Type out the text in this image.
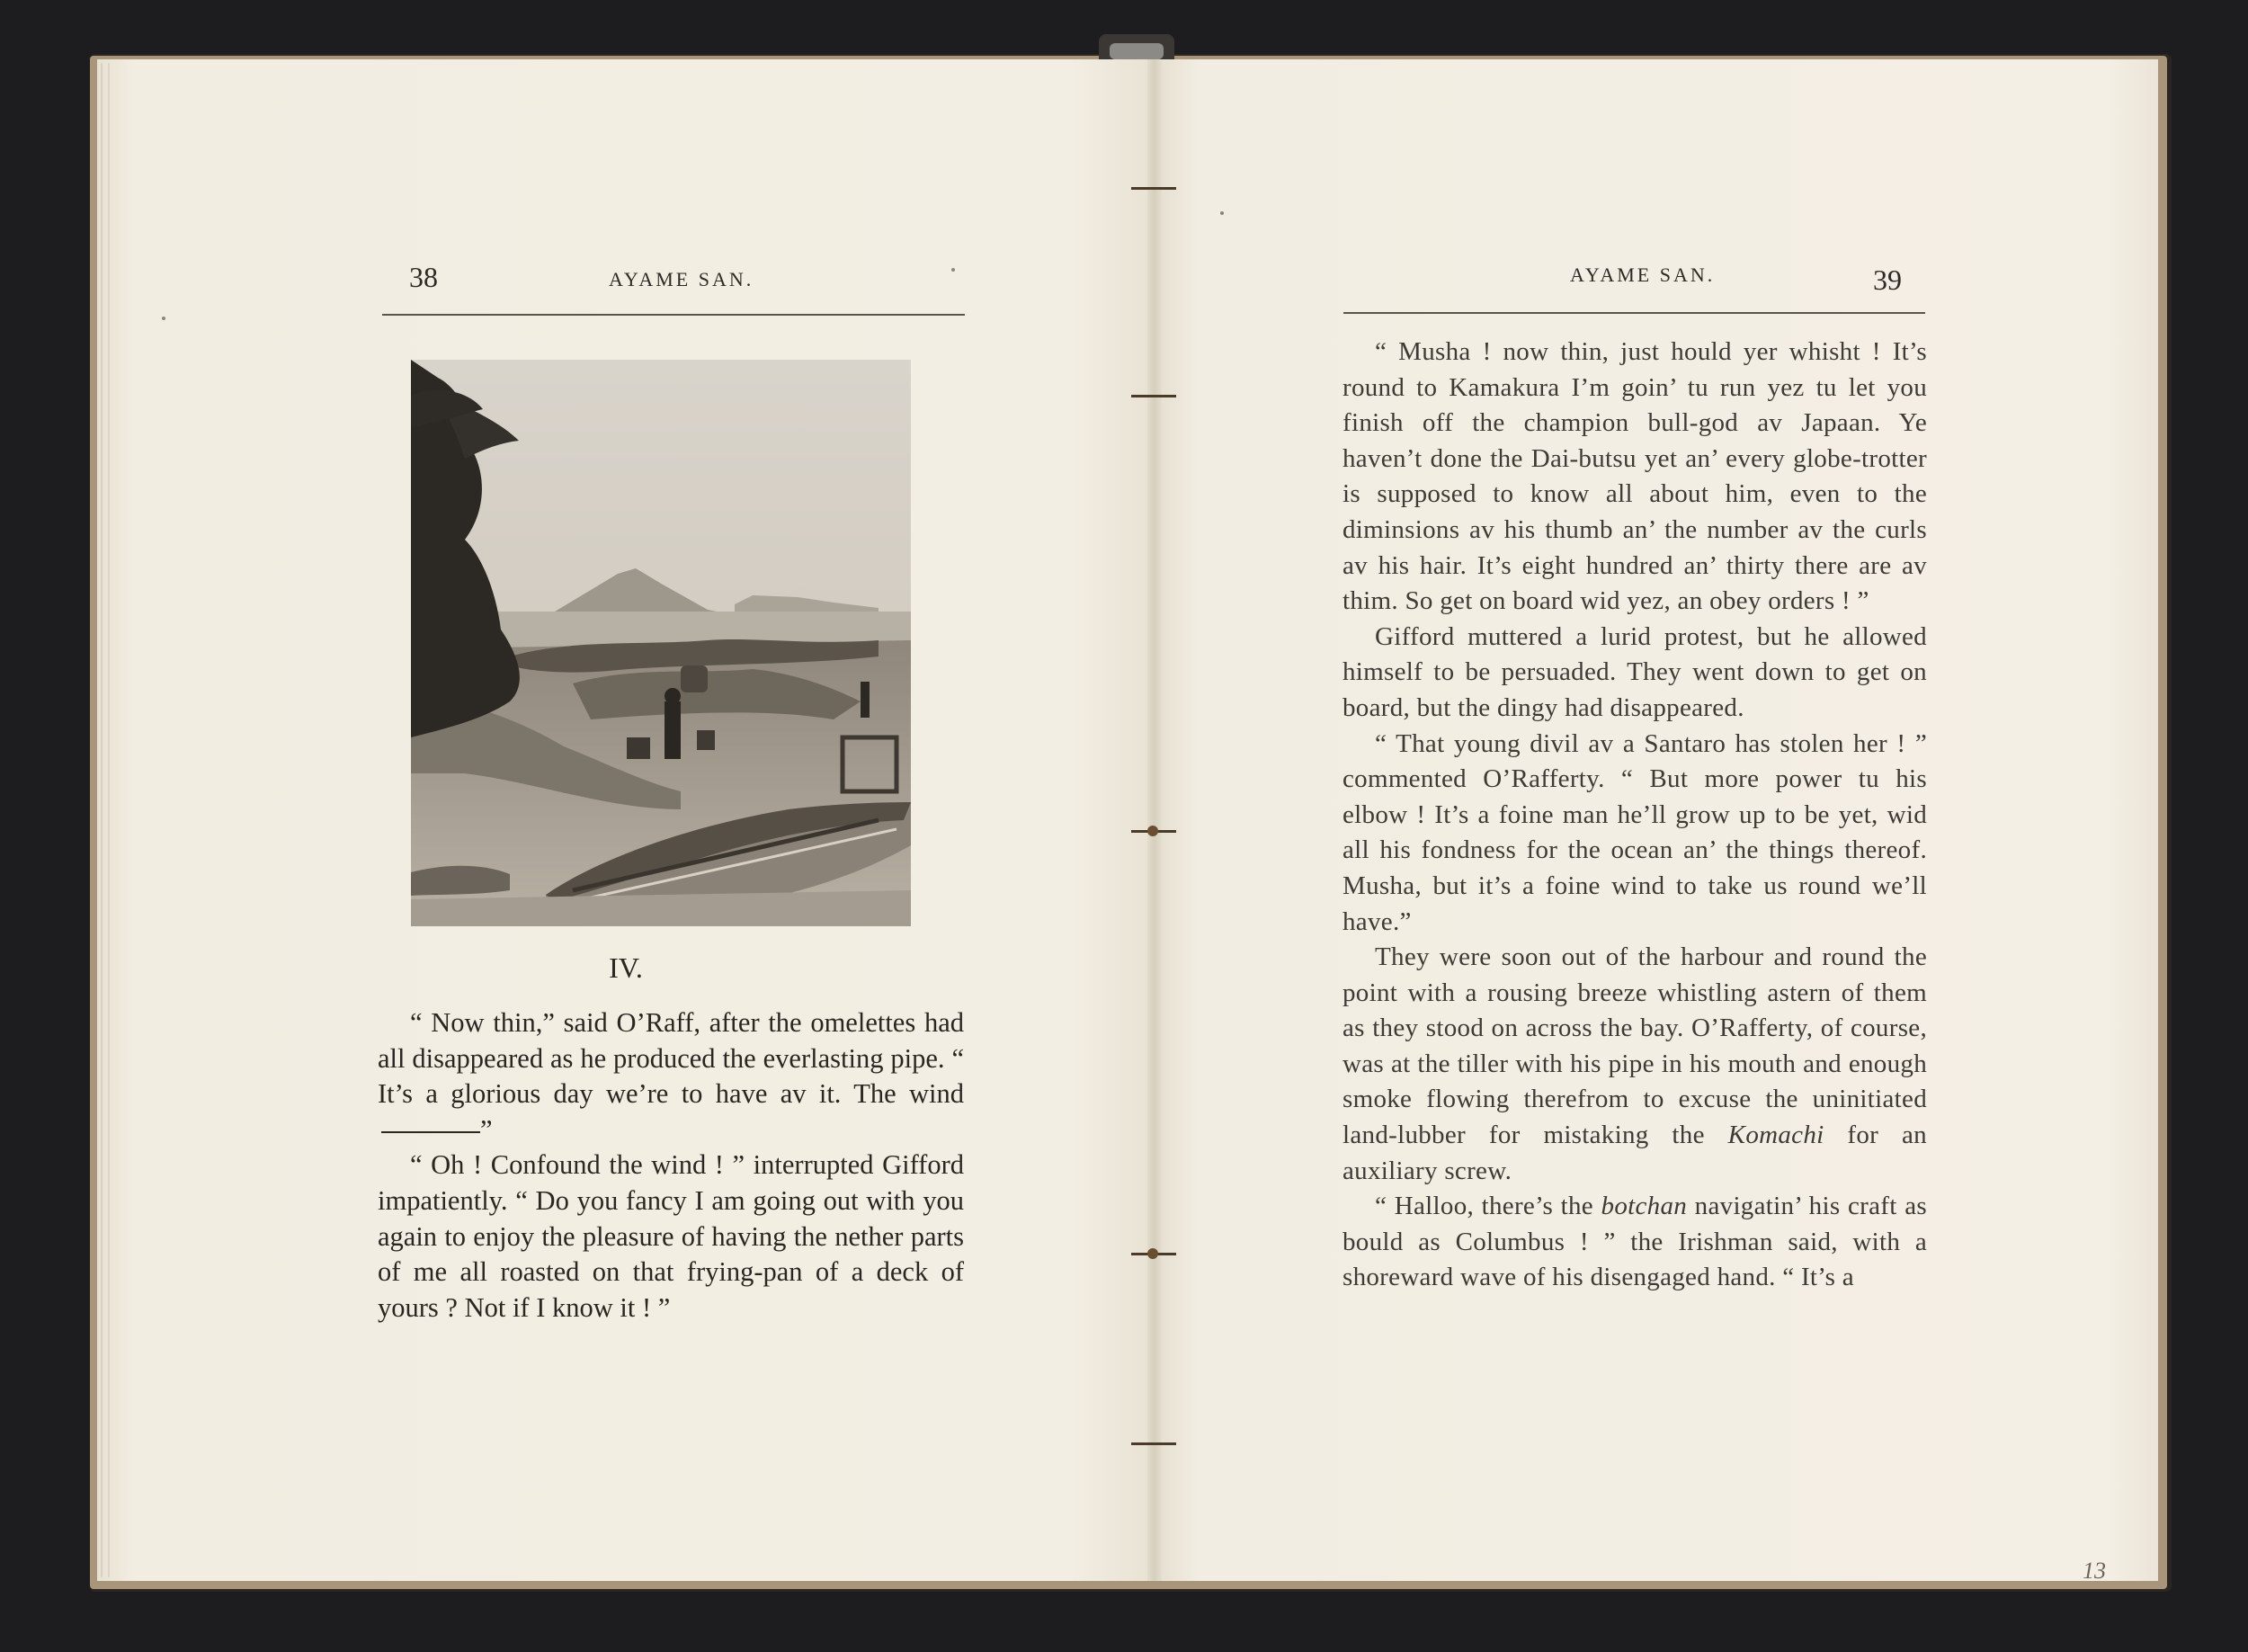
38	AYAME SAN.
IV.

“ Now thin,” said O’Raff, after the omelettes had all disappeared as he produced the everlasting pipe. “ It’s a glorious day we’re to have av it. The wind”

“ Oh ! Confound the wind ! ” interrupted Gifford impatiently. “ Do you fancy I am going out with you again to enjoy the pleasure of having the nether parts of me all roasted on that frying-pan of a deck of yours ? Not if I know it ! ”

AYAME SAN.	39

“ Musha ! now thin, just hould yer whisht ! It’s round to Kamakura I’m goin’ tu run yez tu let you finish off the champion bull-god av Japaan. Ye haven’t done the Dai-butsu yet an’ every globe-trotter is supposed to know all about him, even to the diminsions av his thumb an’ the number av the curls av his hair. It’s eight hundred an’ thirty there are av thim. So get on board wid yez, an obey orders ! ”

Gifford muttered a lurid protest, but he allowed himself to be persuaded. They went down to get on board, but the dingy had disappeared.

“ That young divil av a Santaro has stolen her ! ” commented O’Rafferty. “ But more power tu his elbow ! It’s a foine man he’ll grow up to be yet, wid all his fondness for the ocean an’ the things thereof. Musha, but it’s a foine wind to take us round we’ll have.”

They were soon out of the harbour and round the point with a rousing breeze whistling astern of them as they stood on across the bay. O’Rafferty, of course, was at the tiller with his pipe in his mouth and enough smoke flowing therefrom to excuse the uninitiated land-lubber for mistaking the Komachi for an auxiliary screw.

“ Halloo, there’s the botchan navigatin’ his craft as bould as Columbus ! ” the Irishman said, with a shoreward wave of his disengaged hand. “ It’s a

13
